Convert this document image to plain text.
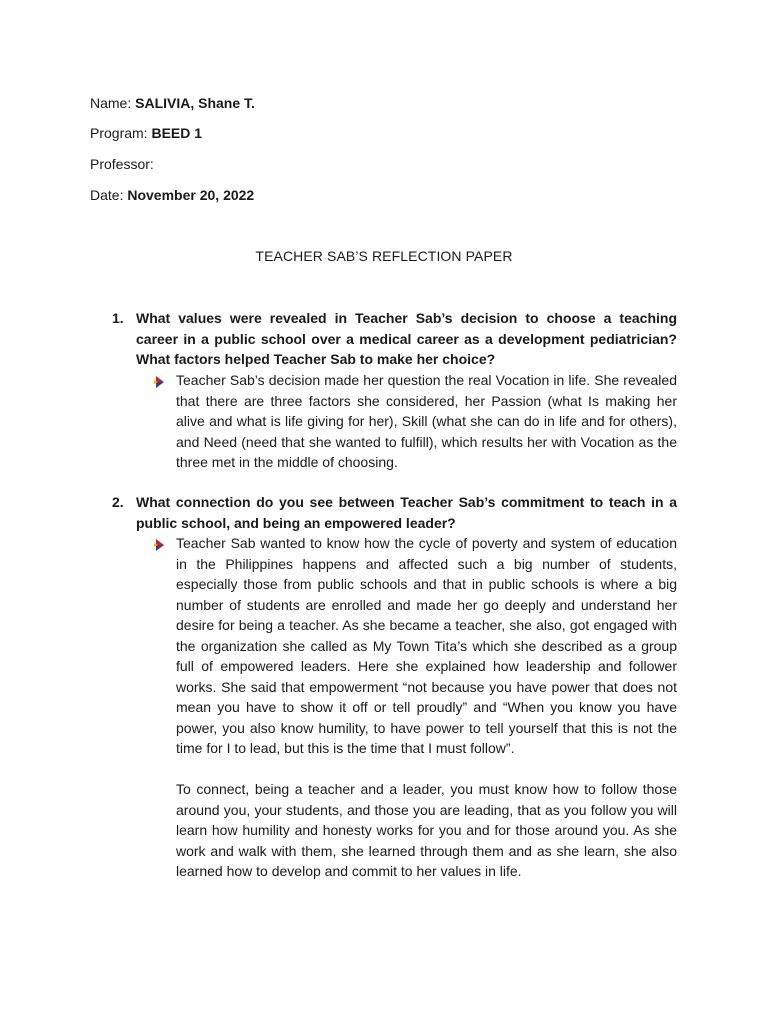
Name: SALIVIA, Shane T.
Program: BEED 1
Professor:
Date: November 20, 2022
TEACHER SAB’S REFLECTION PAPER
1. What values were revealed in Teacher Sab’s decision to choose a teaching career in a public school over a medical career as a development pediatrician? What factors helped Teacher Sab to make her choice?
Teacher Sab’s decision made her question the real Vocation in life. She revealed that there are three factors she considered, her Passion (what Is making her alive and what is life giving for her), Skill (what she can do in life and for others), and Need (need that she wanted to fulfill), which results her with Vocation as the three met in the middle of choosing.
2. What connection do you see between Teacher Sab’s commitment to teach in a public school, and being an empowered leader?
Teacher Sab wanted to know how the cycle of poverty and system of education in the Philippines happens and affected such a big number of students, especially those from public schools and that in public schools is where a big number of students are enrolled and made her go deeply and understand her desire for being a teacher. As she became a teacher, she also, got engaged with the organization she called as My Town Tita’s which she described as a group full of empowered leaders. Here she explained how leadership and follower works. She said that empowerment “not because you have power that does not mean you have to show it off or tell proudly” and “When you know you have power, you also know humility, to have power to tell yourself that this is not the time for I to lead, but this is the time that I must follow”.
To connect, being a teacher and a leader, you must know how to follow those around you, your students, and those you are leading, that as you follow you will learn how humility and honesty works for you and for those around you. As she work and walk with them, she learned through them and as she learn, she also learned how to develop and commit to her values in life.
